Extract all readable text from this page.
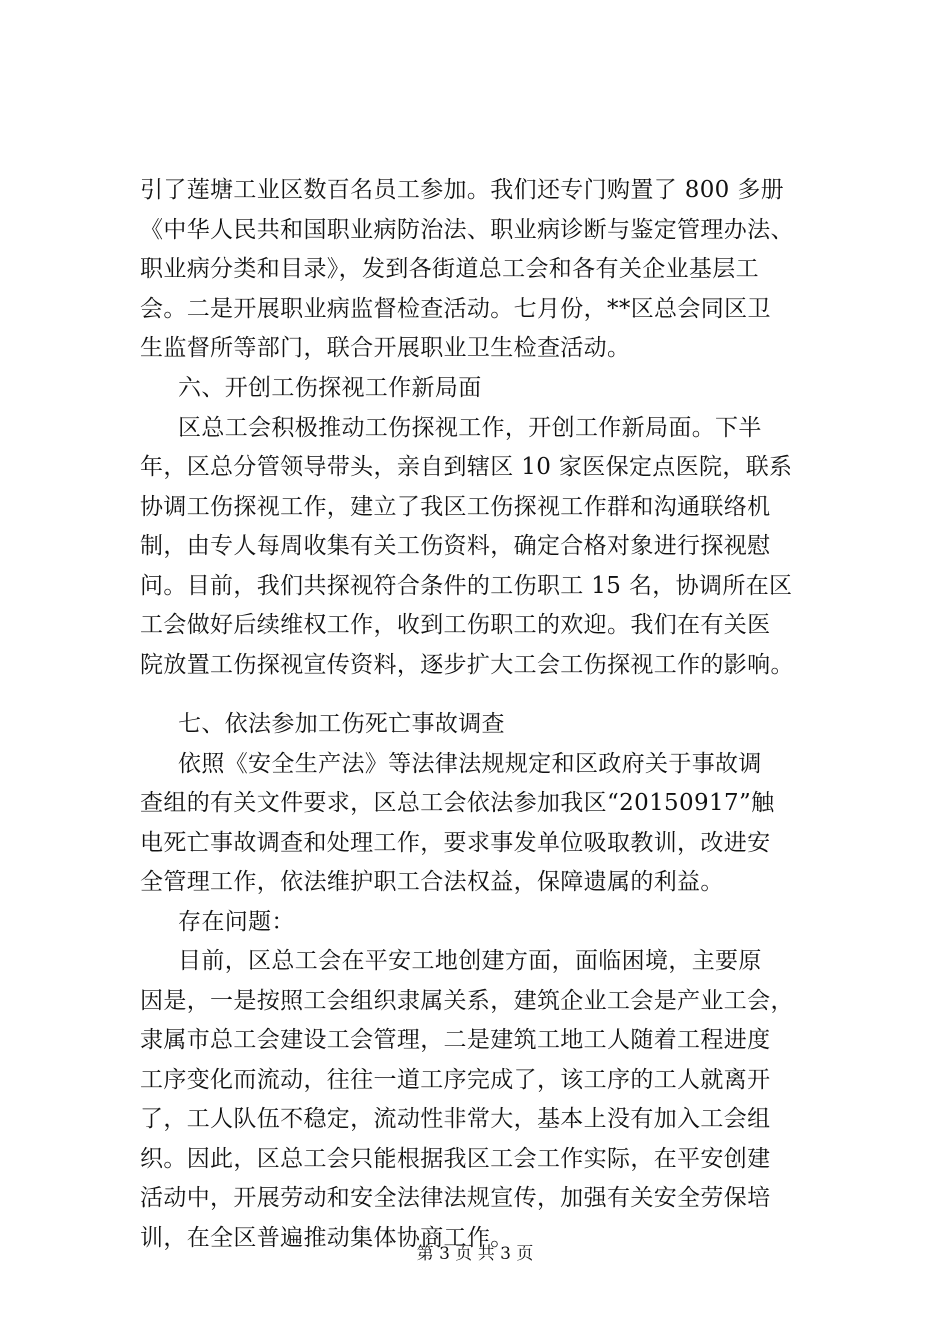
引了莲塘工业区数百名员工参加。我们还专门购置了 800 多册
《中华人民共和国职业病防治法、职业病诊断与鉴定管理办法、
职业病分类和目录》，发到各街道总工会和各有关企业基层工
会。二是开展职业病监督检查活动。七月份，**区总会同区卫
生监督所等部门，联合开展职业卫生检查活动。
六、开创工伤探视工作新局面
区总工会积极推动工伤探视工作，开创工作新局面。下半
年，区总分管领导带头，亲自到辖区 10 家医保定点医院，联系
协调工伤探视工作，建立了我区工伤探视工作群和沟通联络机
制，由专人每周收集有关工伤资料，确定合格对象进行探视慰
问。目前，我们共探视符合条件的工伤职工 15 名，协调所在区
工会做好后续维权工作，收到工伤职工的欢迎。我们在有关医
院放置工伤探视宣传资料，逐步扩大工会工伤探视工作的影响。
七、依法参加工伤死亡事故调查
依照《安全生产法》等法律法规规定和区政府关于事故调
查组的有关文件要求，区总工会依法参加我区“20150917”触
电死亡事故调查和处理工作，要求事发单位吸取教训，改进安
全管理工作，依法维护职工合法权益，保障遗属的利益。
存在问题：
目前，区总工会在平安工地创建方面，面临困境，主要原
因是，一是按照工会组织隶属关系，建筑企业工会是产业工会，
隶属市总工会建设工会管理，二是建筑工地工人随着工程进度
工序变化而流动，往往一道工序完成了，该工序的工人就离开
了，工人队伍不稳定，流动性非常大，基本上没有加入工会组
织。因此，区总工会只能根据我区工会工作实际，在平安创建
活动中，开展劳动和安全法律法规宣传，加强有关安全劳保培
训，在全区普遍推动集体协商工作。
第 3 页 共 3 页
